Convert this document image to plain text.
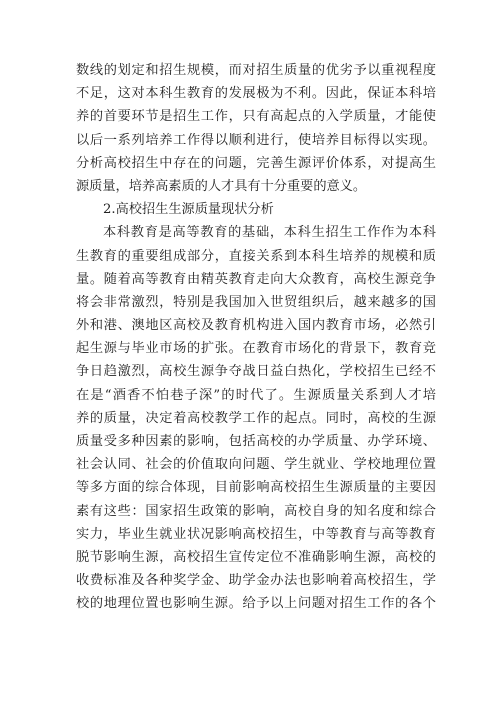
数线的划定和招生规模，而对招生质量的优劣予以重视程度
不足，这对本科生教育的发展极为不利。因此，保证本科培
养的首要环节是招生工作，只有高起点的入学质量，才能使
以后一系列培养工作得以顺利进行，使培养目标得以实现。
分析高校招生中存在的问题，完善生源评价体系，对提高生
源质量，培养高素质的人才具有十分重要的意义。
2.高校招生生源质量现状分析
本科教育是高等教育的基础，本科生招生工作作为本科
生教育的重要组成部分，直接关系到本科生培养的规模和质
量。随着高等教育由精英教育走向大众教育，高校生源竞争
将会非常激烈，特别是我国加入世贸组织后，越来越多的国
外和港、澳地区高校及教育机构进入国内教育市场，必然引
起生源与毕业市场的扩张。在教育市场化的背景下，教育竞
争日趋激烈，高校生源争夺战日益白热化，学校招生已经不
在是“酒香不怕巷子深”的时代了。生源质量关系到人才培
养的质量，决定着高校教学工作的起点。同时，高校的生源
质量受多种因素的影响，包括高校的办学质量、办学环境、
社会认同、社会的价值取向问题、学生就业、学校地理位置
等多方面的综合体现，目前影响高校招生生源质量的主要因
素有这些：国家招生政策的影响，高校自身的知名度和综合
实力，毕业生就业状况影响高校招生，中等教育与高等教育
脱节影响生源，高校招生宣传定位不准确影响生源，高校的
收费标准及各种奖学金、助学金办法也影响着高校招生，学
校的地理位置也影响生源。给予以上问题对招生工作的各个
